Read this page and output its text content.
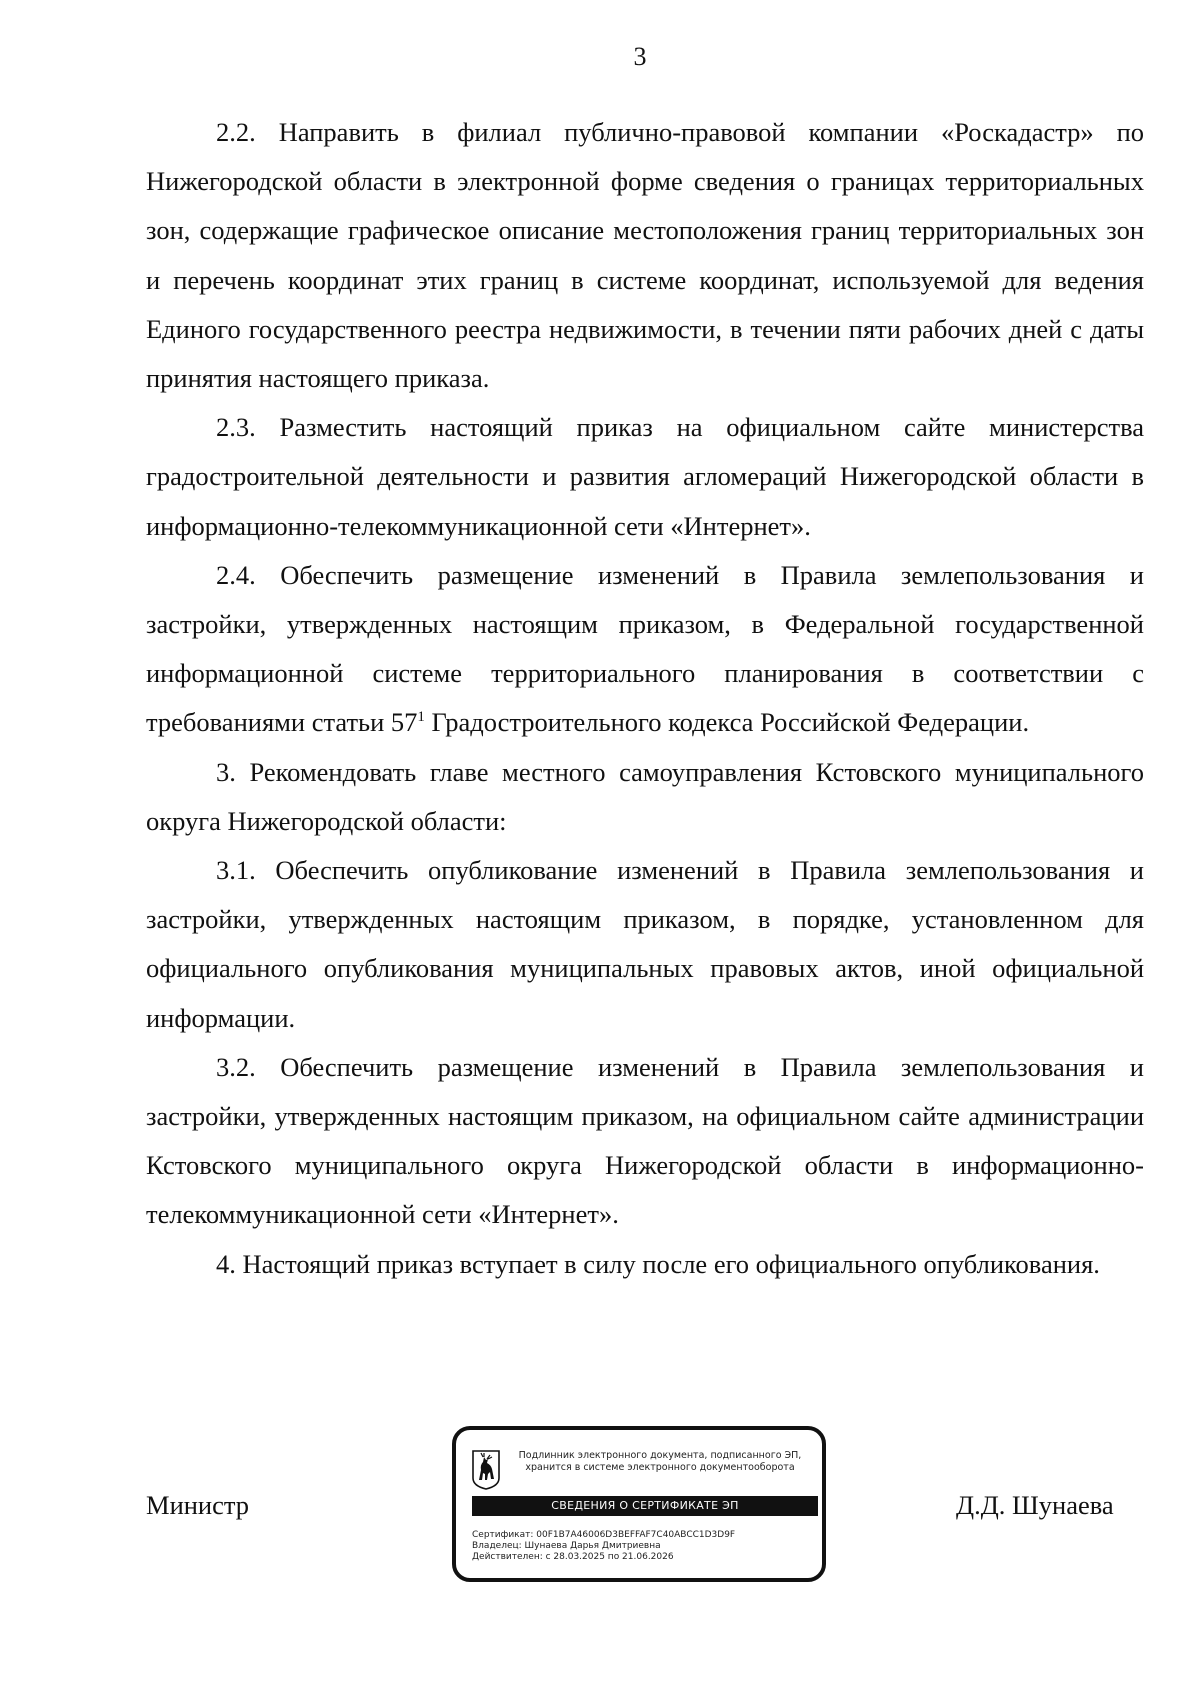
3

2.2. Направить в филиал публично-правовой компании «Роскадастр» по Нижегородской области в электронной форме сведения о границах территориальных зон, содержащие графическое описание местоположения границ территориальных зон и перечень координат этих границ в системе координат, используемой для ведения Единого государственного реестра недвижимости, в течении пяти рабочих дней с даты принятия настоящего приказа.

2.3. Разместить настоящий приказ на официальном сайте министерства градостроительной деятельности и развития агломераций Нижегородской области в информационно-телекоммуникационной сети «Интернет».

2.4. Обеспечить размещение изменений в Правила землепользования и застройки, утвержденных настоящим приказом, в Федеральной государственной информационной системе территориального планирования в соответствии с требованиями статьи $57^1$ Градостроительного кодекса Российской Федерации.

3. Рекомендовать главе местного самоуправления Кстовского муниципального округа Нижегородской области:

3.1. Обеспечить опубликование изменений в Правила землепользования и застройки, утвержденных настоящим приказом, в порядке, установленном для официального опубликования муниципальных правовых актов, иной официальной информации.

3.2. Обеспечить размещение изменений в Правила землепользования и застройки, утвержденных настоящим приказом, на официальном сайте администрации Кстовского муниципального округа Нижегородской области в информационно-телекоммуникационной сети «Интернет».

4. Настоящий приказ вступает в силу после его официального опубликования.

Министр	Д.Д. Шунаева
Подлинник электронного документа, подписанного ЭП,
хранится в системе электронного документооборота
СВЕДЕНИЯ О СЕРТИФИКАТЕ ЭП
Сертификат: 00F1B7A46006D3BEFFAF7C40ABCC1D3D9F
Владелец: Шунаева Дарья Дмитриевна
Действителен: с 28.03.2025 по 21.06.2026
